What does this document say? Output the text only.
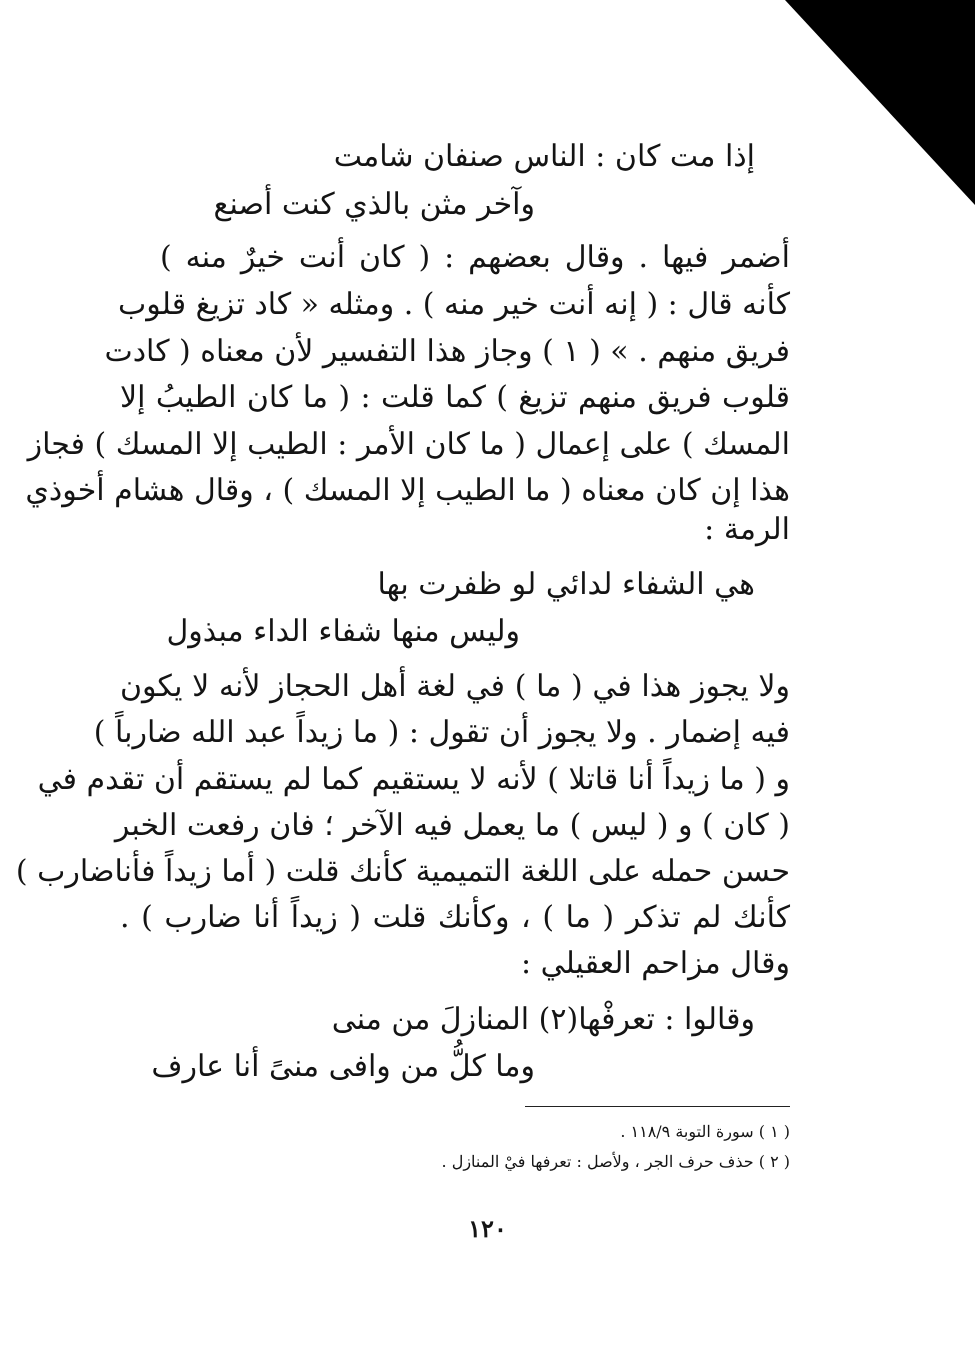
إذا مت كان : الناس صنفان شامت
وآخر مثن بالذي كنت أصنع
أضمر فيها . وقال بعضهم : ( كان أنت خيرٌ منه )
كأنه قال : ( إنه أنت خير منه ) . ومثله « كاد تزيغ قلوب
فريق منهم . » ( ١ ) وجاز هذا التفسير لأن معناه ( كادت
قلوب فريق منهم تزيغ ) كما قلت : ( ما كان الطيبُ إلا
المسك ) على إعمال ( ما كان الأمر : الطيب إلا المسك ) فجاز
هذا إن كان معناه ( ما الطيب إلا المسك ) ، وقال هشام أخوذي
الرمة :
هي الشفاء لدائي لو ظفرت بها
وليس منها شفاء الداء مبذول
ولا يجوز هذا في ( ما ) في لغة أهل الحجاز لأنه لا يكون
فيه إضمار . ولا يجوز أن تقول : ( ما زيداً عبد الله ضارباً )
و ( ما زيداً أنا قاتلا ) لأنه لا يستقيم كما لم يستقم أن تقدم في
( كان ) و ( ليس ) ما يعمل فيه الآخر ؛ فان رفعت الخبر
حسن حمله على اللغة التميمية كأنك قلت ( أما زيداً فأناضارب )
كأنك لم تذكر ( ما ) ، وكأنك قلت ( زيداً أنا ضارب ) .
وقال مزاحم العقيلي :
وقالوا : تعرفْها(٢) المنازلَ من منى
وما كلُّ من وافى منىً أنا عارف
( ١ ) سورة التوبة ١١٨/٩ .
( ٢ ) حذف حرف الجر ، ولأصل : تعرفها فيْ المنازل .
١٢٠
